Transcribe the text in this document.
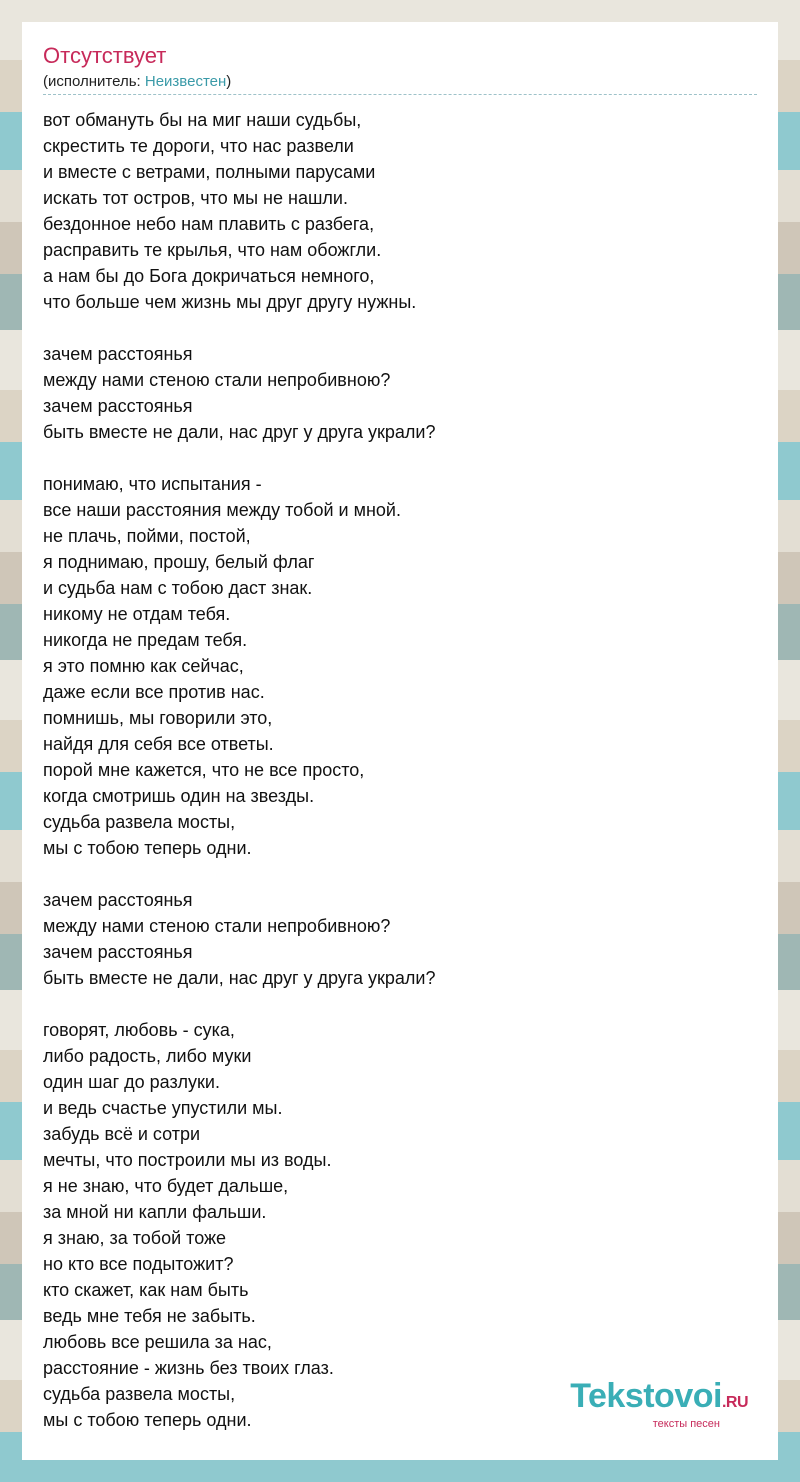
Отсутствует
(исполнитель: Неизвестен)
вот обмануть бы на миг наши судьбы,
скрестить те дороги, что нас развели
и вместе с ветрами, полными парусами
искать тот остров, что мы не нашли.
бездонное небо нам плавить с разбега,
расправить те крылья, что нам обожгли.
а нам бы до Бога докричаться немного,
что больше чем жизнь мы друг другу нужны.
зачем расстоянья
между нами стеною стали непробивною?
зачем расстоянья
быть вместе не дали, нас друг у друга украли?
понимаю, что испытания -
все наши расстояния между тобой и мной.
не плачь, пойми, постой,
я поднимаю, прошу, белый флаг
и судьба нам с тобою даст знак.
никому не отдам тебя.
никогда не предам тебя.
я это помню как сейчас,
даже если все против нас.
помнишь, мы говорили это,
найдя для себя все ответы.
порой мне кажется, что не все просто,
когда смотришь один на звезды.
судьба развела мосты,
мы с тобою теперь одни.
зачем расстоянья
между нами стеною стали непробивною?
зачем расстоянья
быть вместе не дали, нас друг у друга украли?
говорят, любовь - сука,
либо радость, либо муки
один шаг до разлуки.
и ведь счастье упустили мы.
забудь всё и сотри
мечты, что построили мы из воды.
я не знаю, что будет дальше,
за мной ни капли фальши.
я знаю, за тобой тоже
но кто все подытожит?
кто скажет, как нам быть
ведь мне тебя не забыть.
любовь все решила за нас,
расстояние - жизнь без твоих глаз.
судьба развела мосты,
мы с тобою теперь одни.
Tekstovoi.RU
тексты песен
